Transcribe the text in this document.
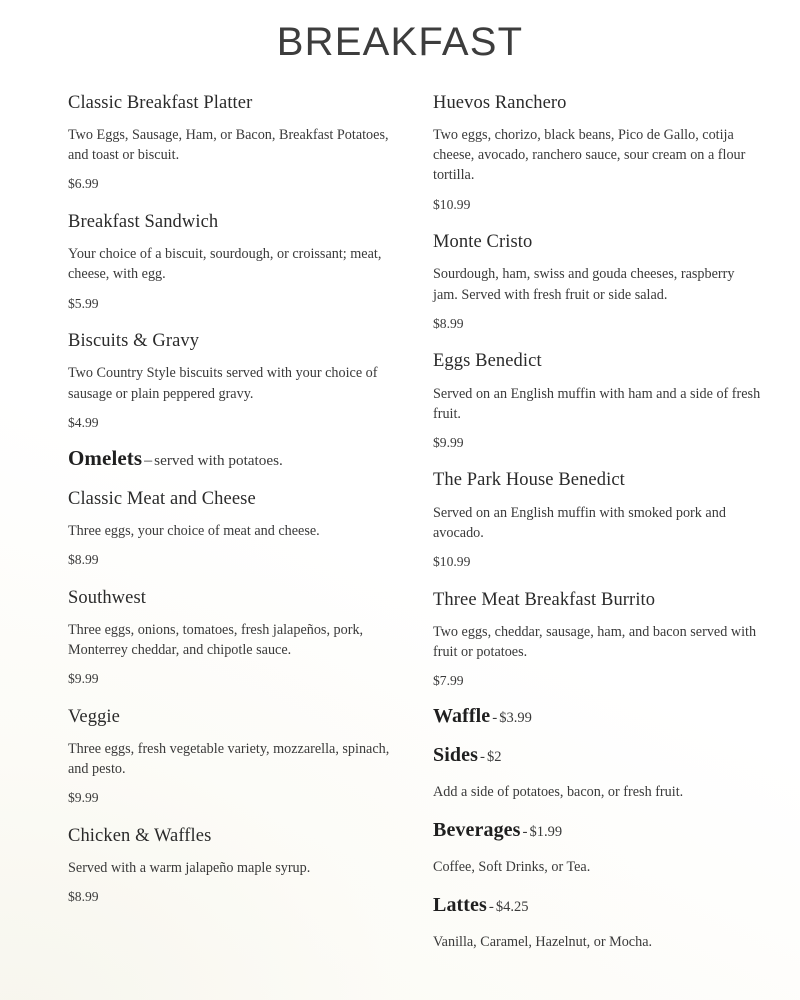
BREAKFAST
Classic Breakfast Platter
Two Eggs, Sausage, Ham, or Bacon, Breakfast Potatoes, and toast or biscuit.
$6.99
Breakfast Sandwich
Your choice of a biscuit, sourdough, or croissant; meat, cheese, with egg.
$5.99
Biscuits & Gravy
Two Country Style biscuits served with your choice of sausage or plain peppered gravy.
$4.99
Omelets – served with potatoes.
Classic Meat and Cheese
Three eggs, your choice of meat and cheese.
$8.99
Southwest
Three eggs, onions, tomatoes, fresh jalapeños, pork, Monterrey cheddar, and chipotle sauce.
$9.99
Veggie
Three eggs, fresh vegetable variety, mozzarella, spinach, and pesto.
$9.99
Chicken & Waffles
Served with a warm jalapeño maple syrup.
$8.99
Huevos Ranchero
Two eggs, chorizo, black beans, Pico de Gallo, cotija cheese, avocado, ranchero sauce, sour cream on a flour tortilla.
$10.99
Monte Cristo
Sourdough, ham, swiss and gouda cheeses, raspberry jam. Served with fresh fruit or side salad.
$8.99
Eggs Benedict
Served on an English muffin with ham and a side of fresh fruit.
$9.99
The Park House Benedict
Served on an English muffin with smoked pork and avocado.
$10.99
Three Meat Breakfast Burrito
Two eggs, cheddar, sausage, ham, and bacon served with fruit or potatoes.
$7.99
Waffle - $3.99
Sides - $2
Add a side of potatoes, bacon, or fresh fruit.
Beverages - $1.99
Coffee, Soft Drinks, or Tea.
Lattes - $4.25
Vanilla, Caramel, Hazelnut, or Mocha.
